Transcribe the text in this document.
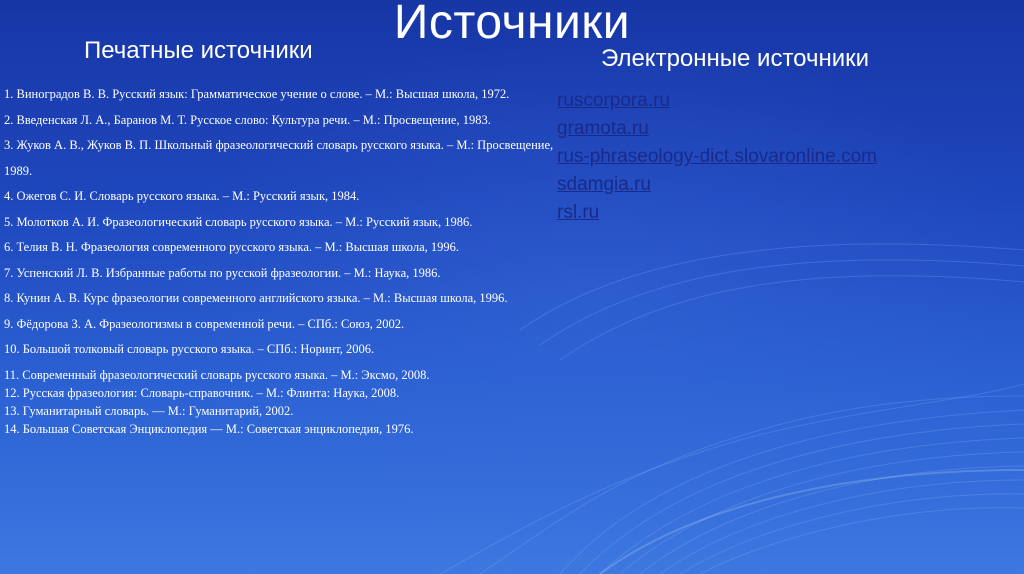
Источники
Печатные источники	Электронные источники
1. Виноградов В. В. Русский язык: Грамматическое учение о слове. – М.: Высшая школа, 1972.
2. Введенская Л. А., Баранов М. Т. Русское слово: Культура речи. – М.: Просвещение, 1983.
3. Жуков А. В., Жуков В. П. Школьный фразеологический словарь русского языка. – М.: Просвещение, 1989.
4. Ожегов С. И. Словарь русского языка. – М.: Русский язык, 1984.
5. Молотков А. И. Фразеологический словарь русского языка. – М.: Русский язык, 1986.
6. Телия В. Н. Фразеология современного русского языка. – М.: Высшая школа, 1996.
7. Успенский Л. В. Избранные работы по русской фразеологии. – М.: Наука, 1986.
8. Кунин А. В. Курс фразеологии современного английского языка. – М.: Высшая школа, 1996.
9. Фёдорова З. А. Фразеологизмы в современной речи. – СПб.: Союз, 2002.
10. Большой толковый словарь русского языка. – СПб.: Норинт, 2006.
11. Современный фразеологический словарь русского языка. – М.: Эксмо, 2008.
12. Русская фразеология: Словарь-справочник. – М.: Флинта: Наука, 2008.
13. Гуманитарный словарь. — М.: Гуманитарий, 2002.
14. Большая Советская Энциклопедия — М.: Советская энциклопедия, 1976.
ruscorpora.ru
gramota.ru
rus-phraseology-dict.slovaronline.com
sdamgia.ru
rsl.ru
